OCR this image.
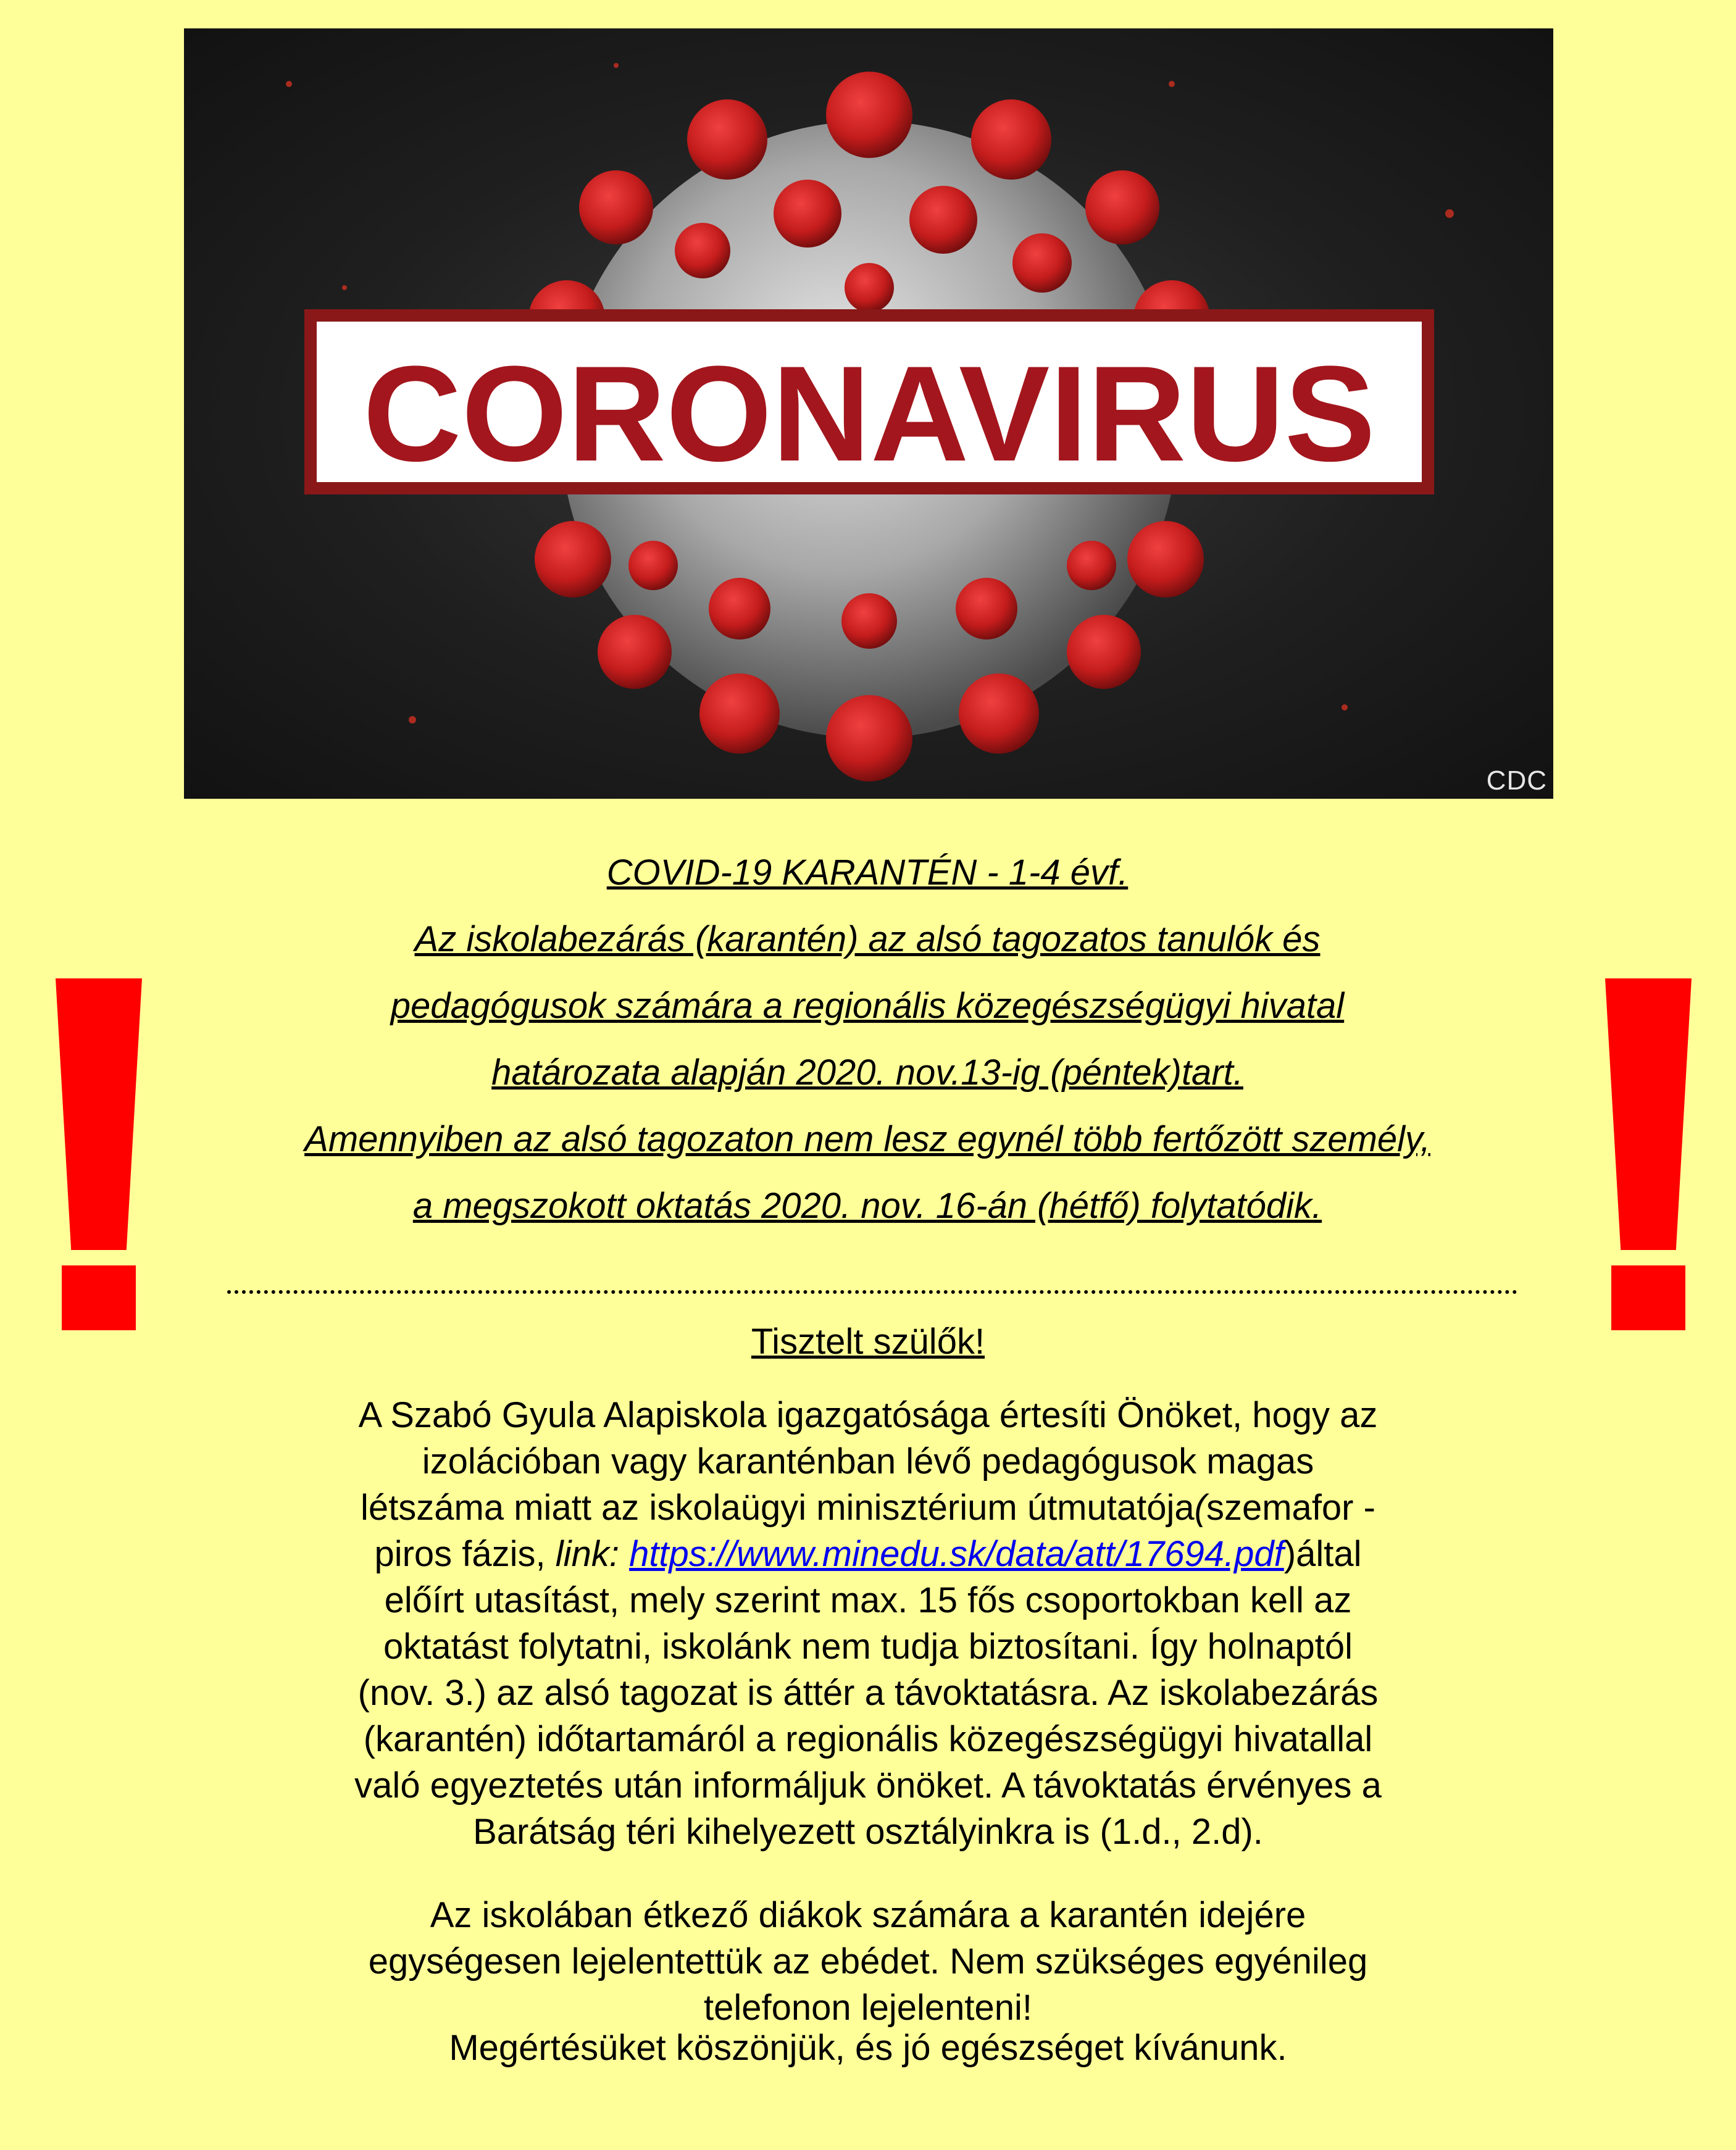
CORONAVIRUS
CDC
COVID-19 KARANTÉN - 1-4 évf.
Az iskolabezárás (karantén) az alsó tagozatos tanulók és
pedagógusok számára a regionális közegészségügyi hivatal
határozata alapján 2020. nov.13-ig (péntek)tart.
Amennyiben az alsó tagozaton nem lesz egynél több fertőzött személy,
a megszokott oktatás 2020. nov. 16-án (hétfő) folytatódik.
Tisztelt szülők!
A Szabó Gyula Alapiskola igazgatósága értesíti Önöket, hogy az
izolációban vagy karanténban lévő pedagógusok magas
létszáma miatt az iskolaügyi minisztérium útmutatója(szemafor -
piros fázis, link: https://www.minedu.sk/data/att/17694.pdf)által
előírt utasítást, mely szerint max. 15 fős csoportokban kell az
oktatást folytatni, iskolánk nem tudja biztosítani. Így holnaptól
(nov. 3.) az alsó tagozat is áttér a távoktatásra. Az iskolabezárás
(karantén) időtartamáról a regionális közegészségügyi hivatallal
való egyeztetés után informáljuk önöket. A távoktatás érvényes a
Barátság téri kihelyezett osztályinkra is (1.d., 2.d).
Az iskolában étkező diákok számára a karantén idejére
egységesen lejelentettük az ebédet. Nem szükséges egyénileg
telefonon lejelenteni!
Megértésüket köszönjük, és jó egészséget kívánunk.
